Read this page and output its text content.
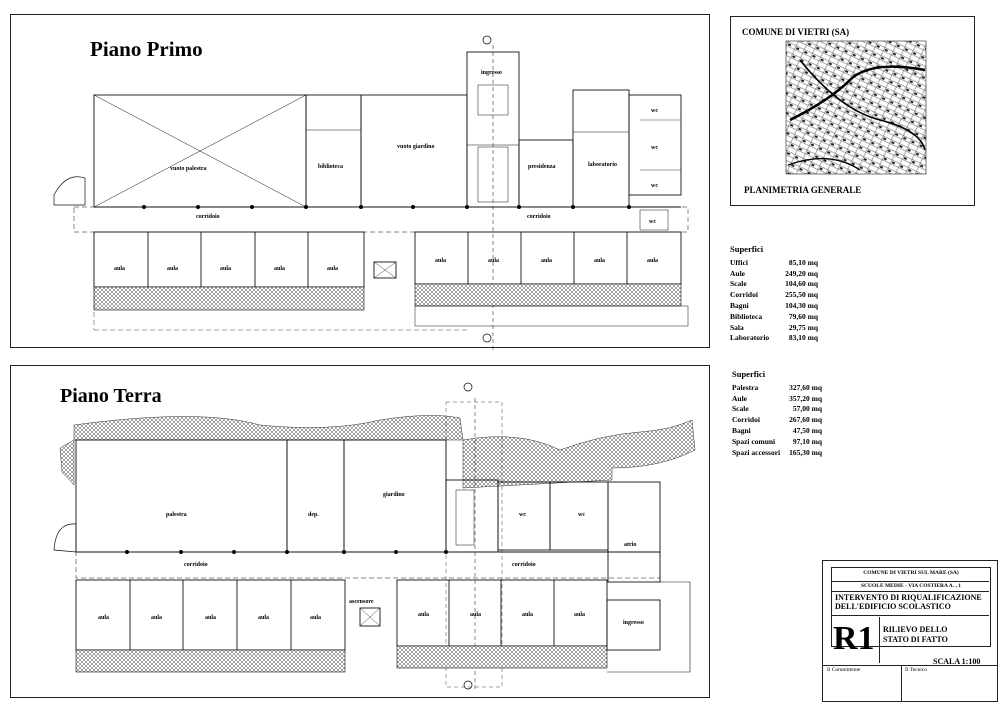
Piano Primo
Piano Terra
COMUNE DI VIETRI (SA)
PLANIMETRIA GENERALE
vuoto palestra	biblioteca
vuoto giardino
ingresso
presidenza	laboratorio
wc
wc
wc
wc
corridoio	corridoio
aula	aula	aula	aula	aula
aula	aula	aula	aula	aula
palestra	dep.
giardino
wc	wc
atrio
corridoio	corridoio
ascensore
ingresso
aula	aula	aula	aula	aula	aula	aula	aula	aula
Superfici
Uffici	85,10 mq
Aule	249,20 mq
Scale	104,60 mq
Corridoi	255,50 mq
Bagni	104,30 mq
Biblioteca	79,60 mq
Sala	29,75 mq
Laboratorio	83,10 mq
Superfici
Palestra	327,60 mq
Aule	357,20 mq
Scale	57,00 mq
Corridoi	267,60 mq
Bagni	47,50 mq
Spazi comuni 97,10 mq
Spazi accessori 165,30 mq
COMUNE DI VIETRI SUL MARE (SA)
SCUOLE MEDIE - VIA COSTIERA A. , 1
INTERVENTO DI RIQUALIFICAZIONE DELL'EDIFICIO SCOLASTICO
R1 RILIEVO DELLO STATO DI FATTO
SCALA 1:100
Il Committente	Il Tecnico
